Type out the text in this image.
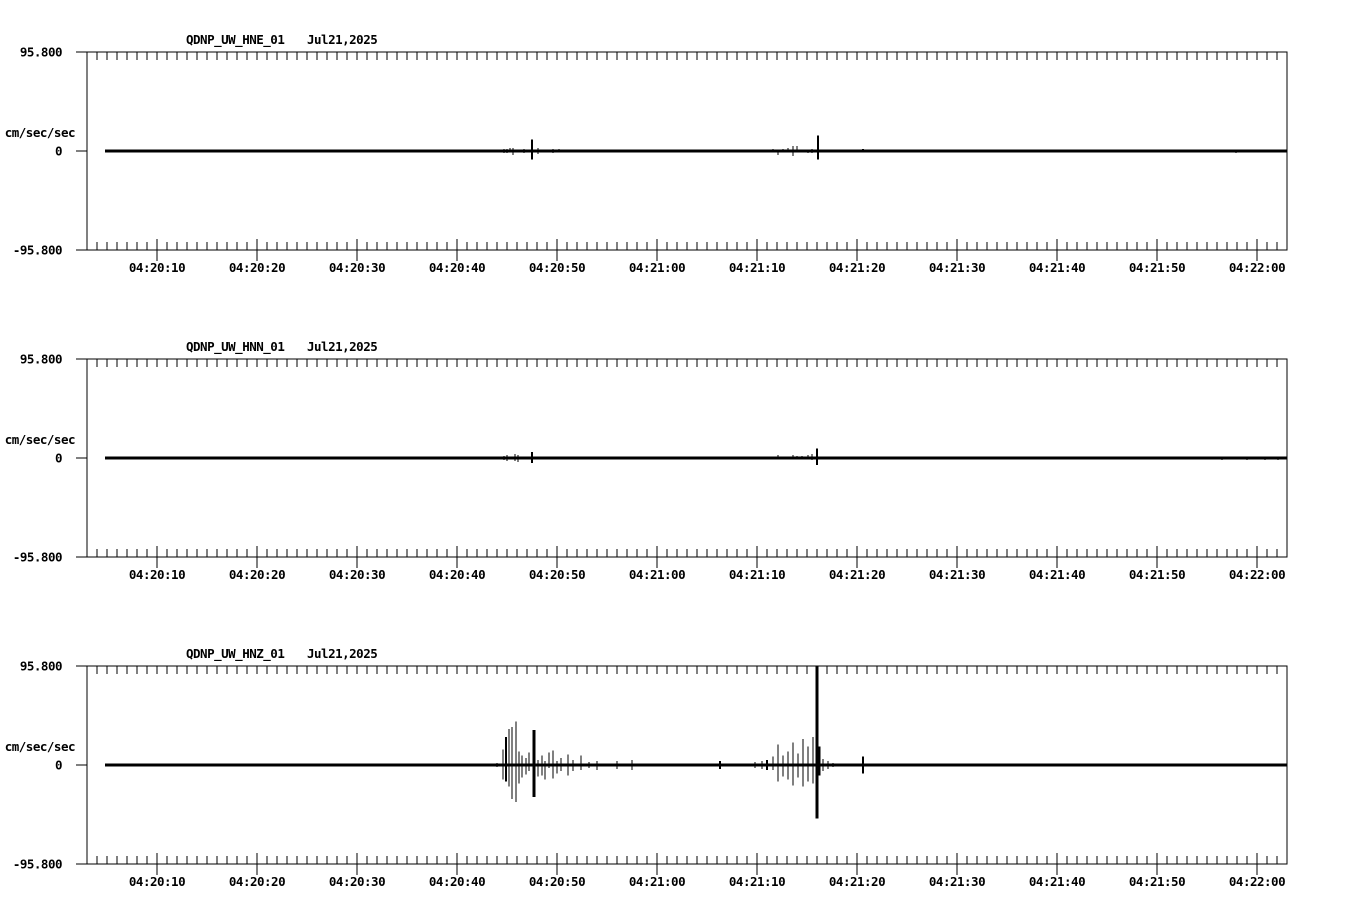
QDNP_UW_HNE_01 Jul21,2025
95.800
cm/sec/sec
0
-95.800
04:20:10	04:20:20	04:20:30	04:20:40	04:20:50	04:21:00	04:21:10	04:21:20	04:21:30	04:21:40	04:21:50	04:22:00
QDNP_UW_HNN_01 Jul21,2025
95.800
cm/sec/sec
0
-95.800
04:20:10	04:20:20	04:20:30	04:20:40	04:20:50	04:21:00	04:21:10	04:21:20	04:21:30	04:21:40	04:21:50	04:22:00
QDNP_UW_HNZ_01 Jul21,2025
95.800
cm/sec/sec
0
-95.800
04:20:10	04:20:20	04:20:30	04:20:40	04:20:50	04:21:00	04:21:10	04:21:20	04:21:30	04:21:40	04:21:50	04:22:00
